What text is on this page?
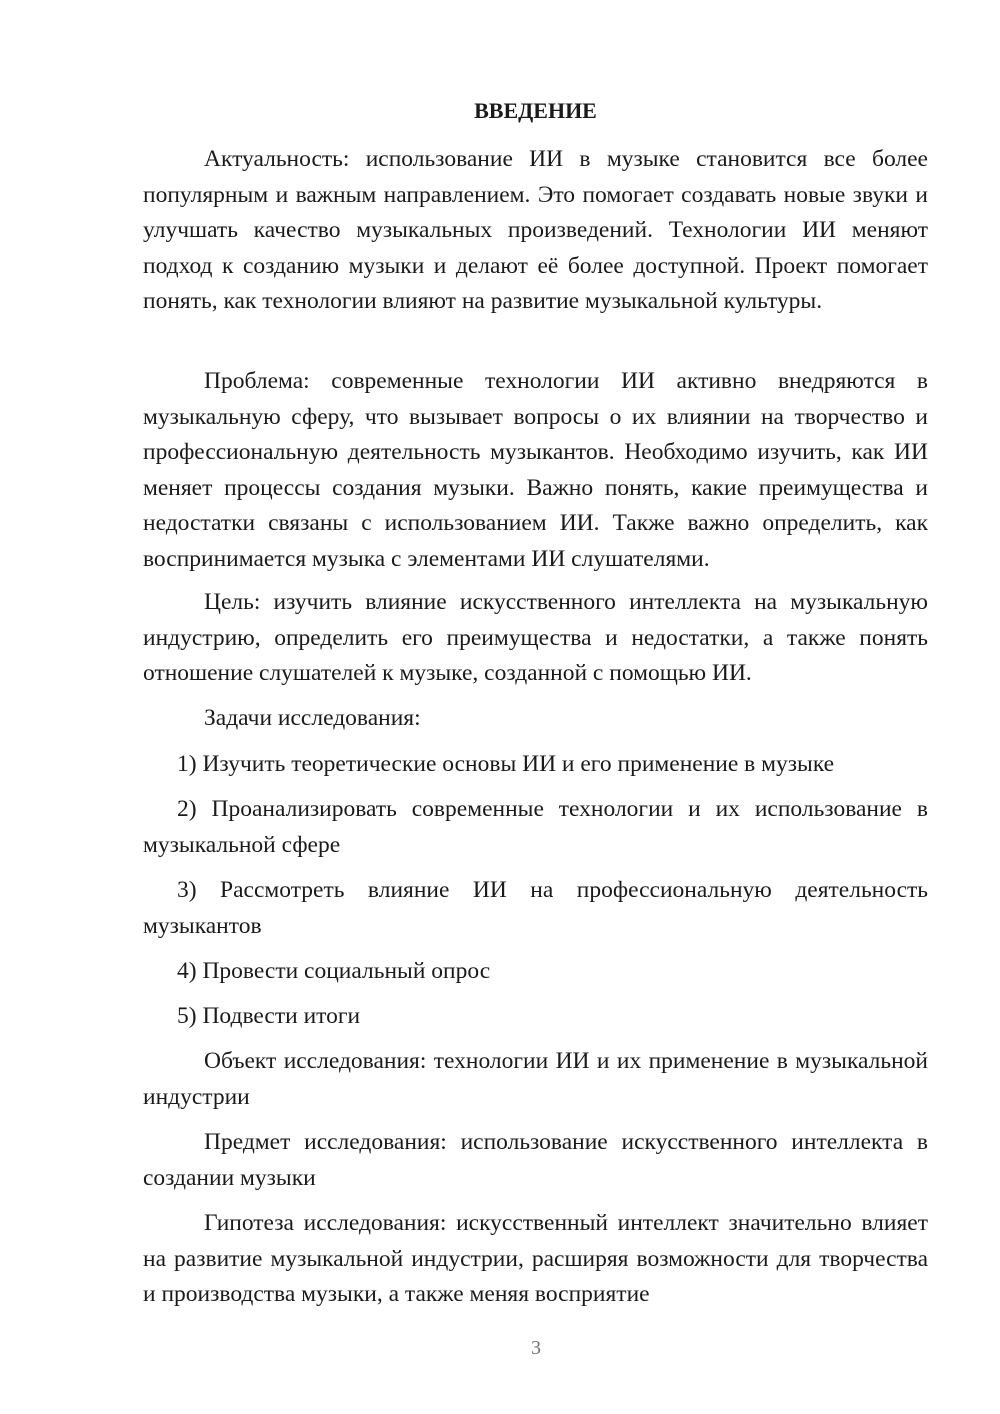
ВВЕДЕНИЕ

Актуальность: использование ИИ в музыке становится все более популярным и важным направлением. Это помогает создавать новые звуки и улучшать качество музыкальных произведений. Технологии ИИ меняют подход к созданию музыки и делают её более доступной. Проект помогает понять, как технологии влияют на развитие музыкальной культуры.

Проблема: современные технологии ИИ активно внедряются в музыкальную сферу, что вызывает вопросы о их влиянии на творчество и профессиональную деятельность музыкантов. Необходимо изучить, как ИИ меняет процессы создания музыки. Важно понять, какие преимущества и недостатки связаны с использованием ИИ. Также важно определить, как воспринимается музыка с элементами ИИ слушателями.

Цель: изучить влияние искусственного интеллекта на музыкальную индустрию, определить его преимущества и недостатки, а также понять отношение слушателей к музыке, созданной с помощью ИИ.

Задачи исследования:

1) Изучить теоретические основы ИИ и его применение в музыке

2) Проанализировать современные технологии и их использование в музыкальной сфере

3) Рассмотреть влияние ИИ на профессиональную деятельность музыкантов

4) Провести социальный опрос

5) Подвести итоги

Объект исследования: технологии ИИ и их применение в музыкальной индустрии

Предмет исследования: использование искусственного интеллекта в создании музыки

Гипотеза исследования: искусственный интеллект значительно влияет на развитие музыкальной индустрии, расширяя возможности для творчества и производства музыки, а также меняя восприятие

3
